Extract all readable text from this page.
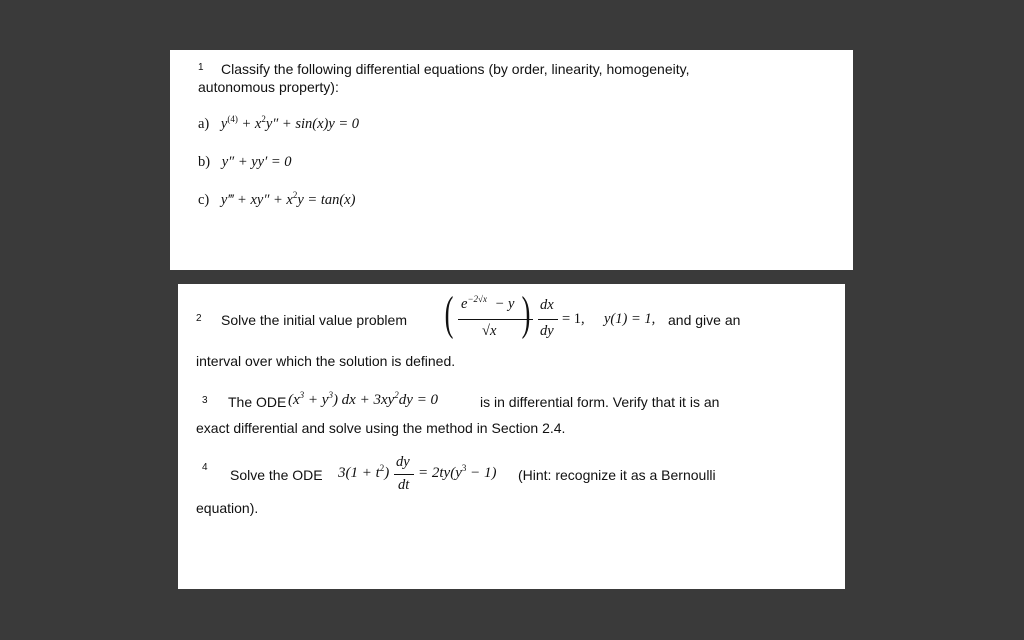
1 Classify the following differential equations (by order, linearity, homogeneity,
autonomous property):
a) $y^{(4)} + x^2y'' + \sin(x)y = 0$
b) y″ + yy′ = 0
c) y‴ + $xy'' + x^2y = \tan(x)$
2 Solve the initial value problem ( $e^{-2√x} - y$
√x ) dx
dy
= 1, y(1) = 1, and give an
interval over which the solution is defined.
3 The ODE $(x^3 + y^3)$ dx + $3xy^2dy = 0$	is in differential form. Verify that it is an
exact differential and solve using the method in Section 2.4.
4 Solve the ODE $3(1 + t^2)$
dy
dt
= $2ty(y^3 - 1)$ (Hint: recognize it as a Bernoulli
equation).
